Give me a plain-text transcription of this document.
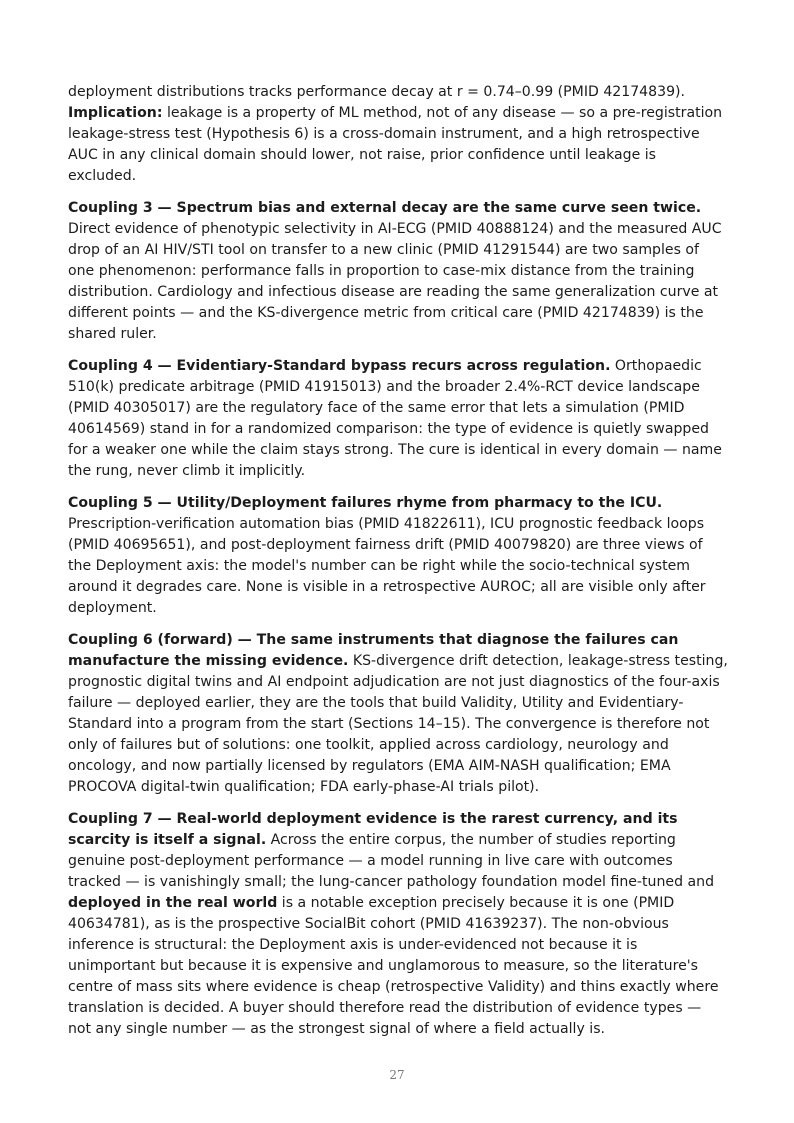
deployment distributions tracks performance decay at r = 0.74–0.99 (PMID 42174839). Implication: leakage is a property of ML method, not of any disease — so a pre-registration leakage-stress test (Hypothesis 6) is a cross-domain instrument, and a high retrospective AUC in any clinical domain should lower, not raise, prior confidence until leakage is excluded.

Coupling 3 — Spectrum bias and external decay are the same curve seen twice. Direct evidence of phenotypic selectivity in AI-ECG (PMID 40888124) and the measured AUC drop of an AI HIV/STI tool on transfer to a new clinic (PMID 41291544) are two samples of one phenomenon: performance falls in proportion to case-mix distance from the training distribution. Cardiology and infectious disease are reading the same generalization curve at different points — and the KS-divergence metric from critical care (PMID 42174839) is the shared ruler.

Coupling 4 — Evidentiary-Standard bypass recurs across regulation. Orthopaedic 510(k) predicate arbitrage (PMID 41915013) and the broader 2.4%-RCT device landscape (PMID 40305017) are the regulatory face of the same error that lets a simulation (PMID 40614569) stand in for a randomized comparison: the type of evidence is quietly swapped for a weaker one while the claim stays strong. The cure is identical in every domain — name the rung, never climb it implicitly.

Coupling 5 — Utility/Deployment failures rhyme from pharmacy to the ICU. Prescription-verification automation bias (PMID 41822611), ICU prognostic feedback loops (PMID 40695651), and post-deployment fairness drift (PMID 40079820) are three views of the Deployment axis: the model's number can be right while the socio-technical system around it degrades care. None is visible in a retrospective AUROC; all are visible only after deployment.

Coupling 6 (forward) — The same instruments that diagnose the failures can manufacture the missing evidence. KS-divergence drift detection, leakage-stress testing, prognostic digital twins and AI endpoint adjudication are not just diagnostics of the four-axis failure — deployed earlier, they are the tools that build Validity, Utility and Evidentiary-Standard into a program from the start (Sections 14–15). The convergence is therefore not only of failures but of solutions: one toolkit, applied across cardiology, neurology and oncology, and now partially licensed by regulators (EMA AIM-NASH qualification; EMA PROCOVA digital-twin qualification; FDA early-phase-AI trials pilot).

Coupling 7 — Real-world deployment evidence is the rarest currency, and its scarcity is itself a signal. Across the entire corpus, the number of studies reporting genuine post-deployment performance — a model running in live care with outcomes tracked — is vanishingly small; the lung-cancer pathology foundation model fine-tuned and deployed in the real world is a notable exception precisely because it is one (PMID 40634781), as is the prospective SocialBit cohort (PMID 41639237). The non-obvious inference is structural: the Deployment axis is under-evidenced not because it is unimportant but because it is expensive and unglamorous to measure, so the literature's centre of mass sits where evidence is cheap (retrospective Validity) and thins exactly where translation is decided. A buyer should therefore read the distribution of evidence types — not any single number — as the strongest signal of where a field actually is.

27
